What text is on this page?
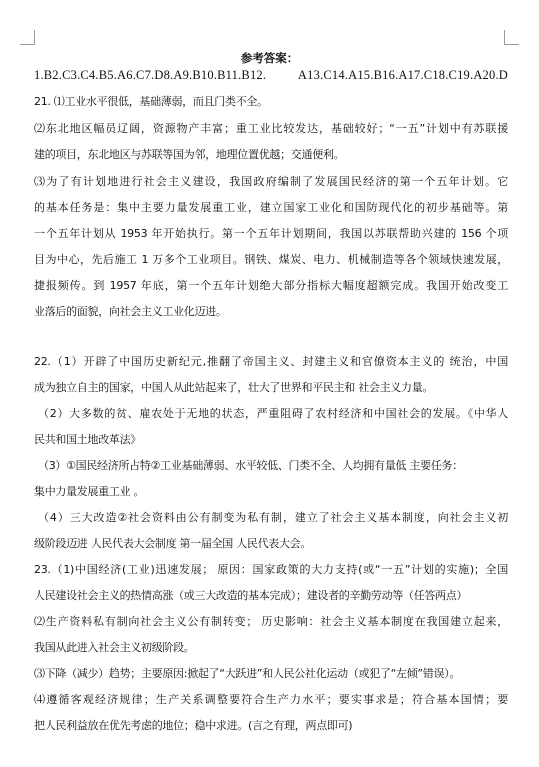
参考答案：
1.B2.C3.C4.B5.A6.C7.D8.A9.B10.B11.B12. A13.C14.A15.B16.A17.C18.C19.A20.D
21. ⑴工业水平很低，基础薄弱，而且门类不全。
⑵东北地区幅员辽阔，资源物产丰富；重工业比较发达，基础较好；“一五”计划中有苏联援
建的项目，东北地区与苏联等国为邻，地理位置优越；交通便利。
⑶为了有计划地进行社会主义建设，我国政府编制了发展国民经济的第一个五年计划。它
的基本任务是：集中主要力量发展重工业，建立国家工业化和国防现代化的初步基础等。第
一个五年计划从 1953 年开始执行。第一个五年计划期间，我国以苏联帮助兴建的 156 个项
目为中心，先后施工 1 万多个工业项目。钢铁、煤炭、电力、机械制造等各个领域快速发展，
捷报频传。到 1957 年底，第一个五年计划绝大部分指标大幅度超额完成。我国开始改变工
业落后的面貌，向社会主义工业化迈进。
22.（1）开辟了中国历史新纪元,推翻了帝国主义、封建主义和官僚资本主义的 统治，中国
成为独立自主的国家，中国人从此站起来了，壮大了世界和平民主和 社会主义力量。
（2）大多数的贫、雇农处于无地的状态，严重阻碍了农村经济和中国社会的发展。《中华人
民共和国土地改革法》
（3）①国民经济所占特②工业基础薄弱、水平较低、门类不全、人均拥有量低 主要任务：
集中力量发展重工业 。
（4）三大改造②社会资料由公有制变为私有制，建立了社会主义基本制度，向社会主义初
级阶段迈进 人民代表大会制度 第一届全国 人民代表大会。
23.（1)中国经济(工业)迅速发展； 原因：国家政策的大力支持(或“一五”计划的实施)；全国
人民建设社会主义的热情高涨（或三大改造的基本完成）；建设者的辛勤劳动等（任答两点）
⑵生产资料私有制向社会主义公有制转变； 历史影响：社会主义基本制度在我国建立起来，
我国从此进入社会主义初级阶段。
⑶下降（减少）趋势；主要原因:掀起了“大跃进”和人民公社化运动（或犯了“左倾”错误）。
⑷遵循客观经济规律；生产关系调整要符合生产力水平；要实事求是；符合基本国情；要
把人民利益放在优先考虑的地位；稳中求进。(言之有理，两点即可)
